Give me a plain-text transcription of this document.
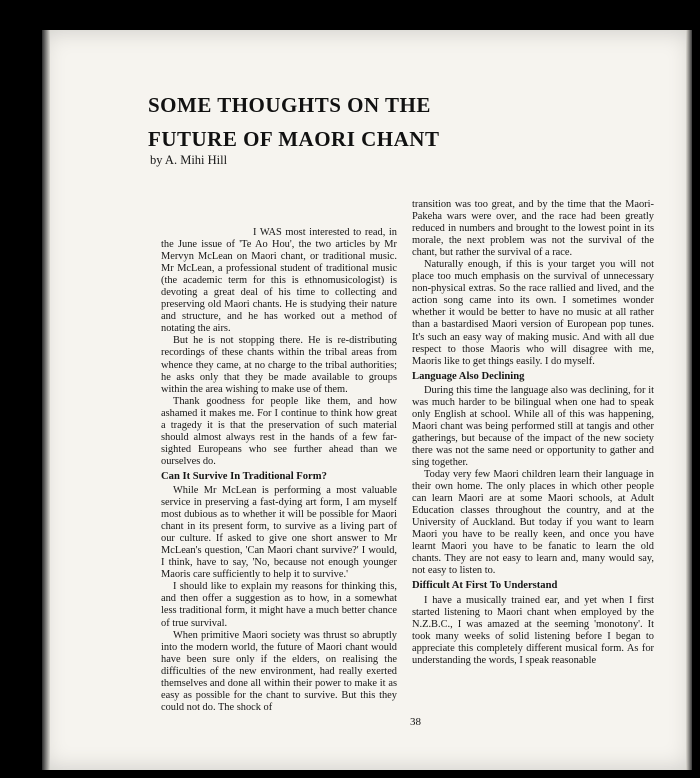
SOME THOUGHTS ON THE
FUTURE OF MAORI CHANT

by A. Mihi Hill

I WAS most interested to read, in the June issue of 'Te Ao Hou', the two articles by Mr Mervyn McLean on Maori chant, or traditional music. Mr McLean, a professional student of traditional music (the academic term for this is ethnomusicologist) is devoting a great deal of his time to collecting and preserving old Maori chants. He is studying their nature and structure, and he has worked out a method of notating the airs.

But he is not stopping there. He is re-distributing recordings of these chants within the tribal areas from whence they came, at no charge to the tribal authorities; he asks only that they be made available to groups within the area wishing to make use of them.

Thank goodness for people like them, and how ashamed it makes me. For I continue to think how great a tragedy it is that the preservation of such material should almost always rest in the hands of a few far-sighted Europeans who see further ahead than we ourselves do.

Can It Survive In Traditional Form?

While Mr McLean is performing a most valuable service in preserving a fast-dying art form, I am myself most dubious as to whether it will be possible for Maori chant in its present form, to survive as a living part of our culture. If asked to give one short answer to Mr McLean's question, 'Can Maori chant survive?' I would, I think, have to say, 'No, because not enough younger Maoris care sufficiently to help it to survive.'

I should like to explain my reasons for thinking this, and then offer a suggestion as to how, in a somewhat less traditional form, it might have a much better chance of true survival.

When primitive Maori society was thrust so abruptly into the modern world, the future of Maori chant would have been sure only if the elders, on realising the difficulties of the new environment, had really exerted themselves and done all within their power to make it as easy as possible for the chant to survive. But this they could not do. The shock of

transition was too great, and by the time that the Maori-Pakeha wars were over, and the race had been greatly reduced in numbers and brought to the lowest point in its morale, the next problem was not the survival of the chant, but rather the survival of a race.

Naturally enough, if this is your target you will not place too much emphasis on the survival of unnecessary non-physical extras. So the race rallied and lived, and the action song came into its own. I sometimes wonder whether it would be better to have no music at all rather than a bastardised Maori version of European pop tunes. It's such an easy way of making music. And with all due respect to those Maoris who will disagree with me, Maoris like to get things easily. I do myself.

Language Also Declining

During this time the language also was declining, for it was much harder to be bilingual when one had to speak only English at school. While all of this was happening, Maori chant was being performed still at tangis and other gatherings, but because of the impact of the new society there was not the same need or opportunity to gather and sing together.

Today very few Maori children learn their language in their own home. The only places in which other people can learn Maori are at some Maori schools, at Adult Education classes throughout the country, and at the University of Auckland. But today if you want to learn Maori you have to be really keen, and once you have learnt Maori you have to be fanatic to learn the old chants. They are not easy to learn and, many would say, not easy to listen to.

Difficult At First To Understand

I have a musically trained ear, and yet when I first started listening to Maori chant when employed by the N.Z.B.C., I was amazed at the seeming 'monotony'. It took many weeks of solid listening before I began to appreciate this completely different musical form. As for understanding the words, I speak reasonable

38
